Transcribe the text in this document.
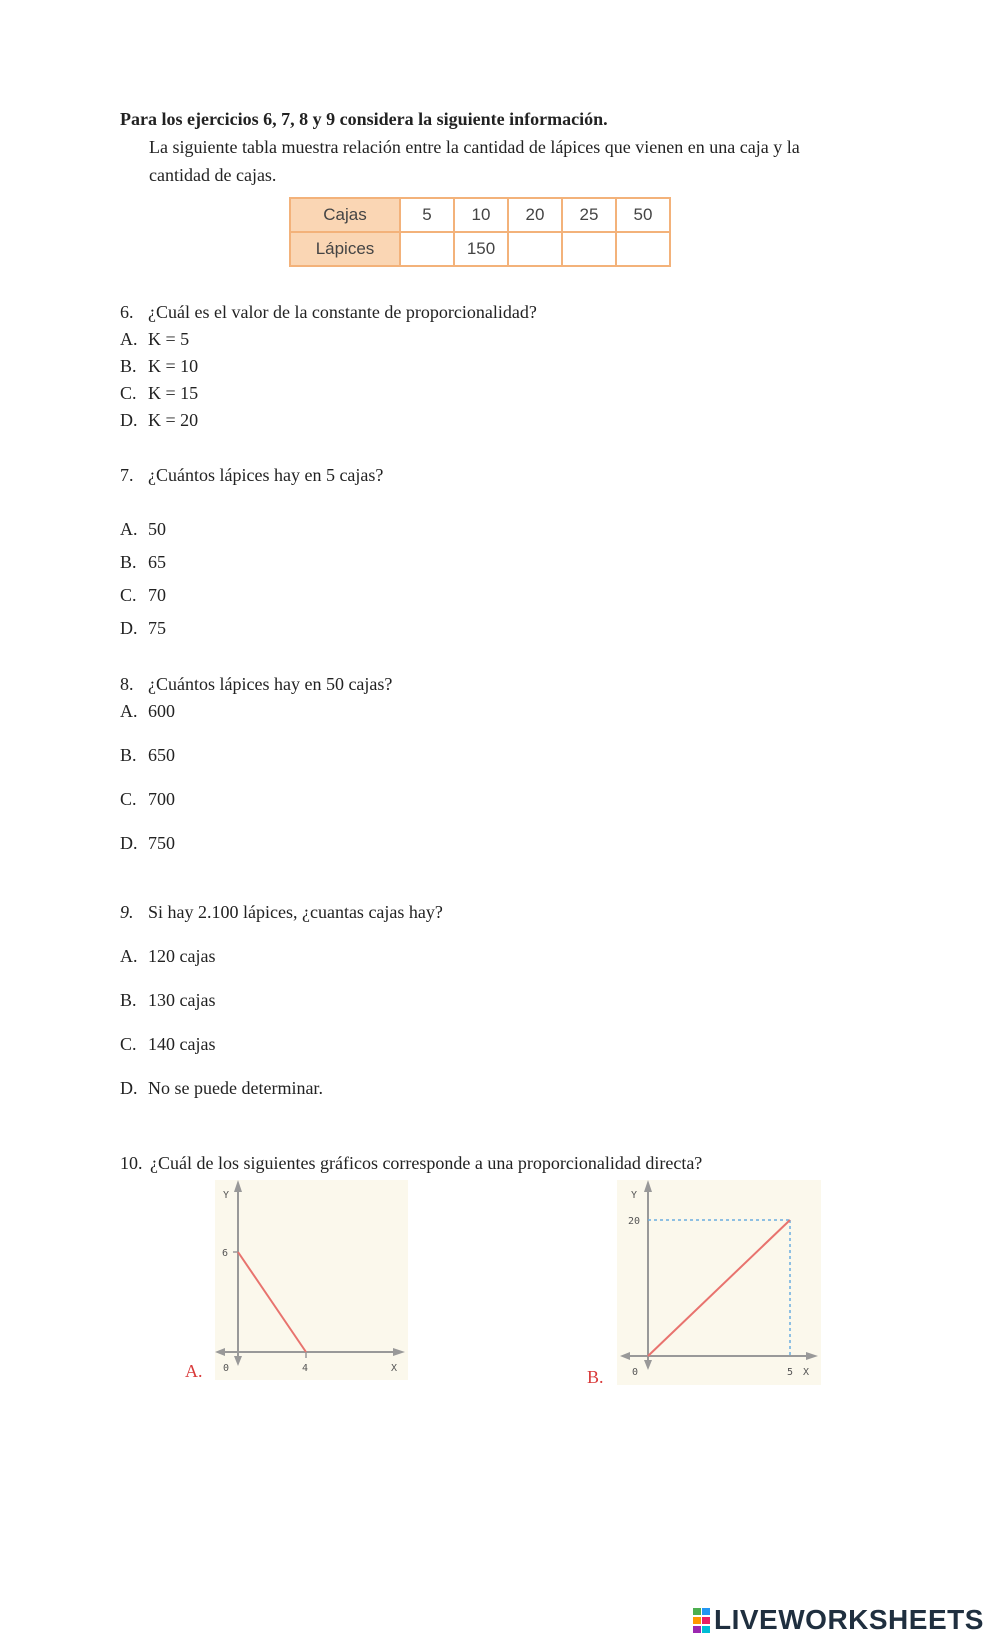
Para los ejercicios 6, 7, 8 y 9 considera la siguiente información.
La siguiente tabla muestra relación entre la cantidad de lápices que vienen en una caja y la
cantidad de cajas.
Cajas	5	10	20	25	50
Lápices		150			
6. ¿Cuál es el valor de la constante de proporcionalidad?
A. K = 5
B. K = 10
C. K = 15
D. K = 20
7. ¿Cuántos lápices hay en 5 cajas?
A. 50
B. 65
C. 70
D. 75
8. ¿Cuántos lápices hay en 50 cajas?
A. 600
B. 650
C. 700
D. 750
9. Si hay 2.100 lápices, ¿cuantas cajas hay?
A. 120 cajas
B. 130 cajas
C. 140 cajas
D. No se puede determinar.
10. ¿Cuál de los siguientes gráficos corresponde a una proporcionalidad directa?
Y
X
0
6
4
A.
Y
X
0
20
5
B.
LIVEWORKSHEETS
